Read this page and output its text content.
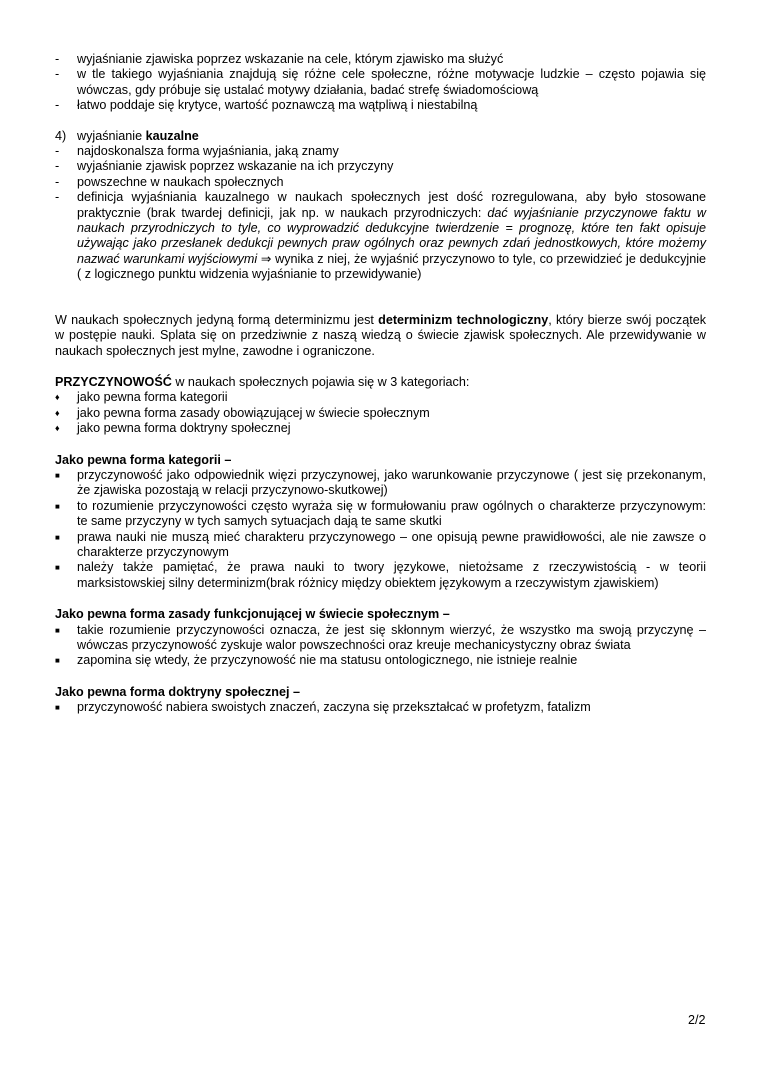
- wyjaśnianie zjawiska poprzez wskazanie na cele, którym zjawisko ma służyć
- w tle takiego wyjaśniania znajdują się różne cele społeczne, różne motywacje ludzkie – często pojawia się wówczas, gdy próbuje się ustalać motywy działania, badać strefę świadomościową
- łatwo poddaje się krytyce, wartość poznawczą ma wątpliwą i niestabilną
4) wyjaśnianie kauzalne
- najdoskonalsza forma wyjaśniania, jaką znamy
- wyjaśnianie zjawisk poprzez wskazanie na ich przyczyny
- powszechne w naukach społecznych
- definicja wyjaśniania kauzalnego w naukach społecznych jest dość rozregulowana, aby było stosowane praktycznie (brak twardej definicji, jak np. w naukach przyrodniczych: dać wyjaśnianie przyczynowe faktu w naukach przyrodniczych to tyle, co wyprowadzić dedukcyjne twierdzenie = prognozę, które ten fakt opisuje używając jako przesłanek dedukcji pewnych praw ogólnych oraz pewnych zdań jednostkowych, które możemy nazwać warunkami wyjściowymi ⇒ wynika z niej, że wyjaśnić przyczynowo to tyle, co przewidzieć je dedukcyjnie ( z logicznego punktu widzenia wyjaśnianie to przewidywanie)

W naukach społecznych jedyną formą determinizmu jest determinizm technologiczny, który bierze swój początek w postępie nauki. Splata się on przedziwnie z naszą wiedzą o świecie zjawisk społecznych. Ale przewidywanie w naukach społecznych jest mylne, zawodne i ograniczone.

PRZYCZYNOWOŚĆ w naukach społecznych pojawia się w 3 kategoriach:

♦ jako pewna forma kategorii
♦ jako pewna forma zasady obowiązującej w świecie społecznym
♦ jako pewna forma doktryny społecznej

Jako pewna forma kategorii –

■ przyczynowość jako odpowiednik więzi przyczynowej, jako warunkowanie przyczynowe ( jest się przekonanym, że zjawiska pozostają w relacji przyczynowo-skutkowej)
■ to rozumienie przyczynowości często wyraża się w formułowaniu praw ogólnych o charakterze przyczynowym: te same przyczyny w tych samych sytuacjach dają te same skutki
■ prawa nauki nie muszą mieć charakteru przyczynowego – one opisują pewne prawidłowości, ale nie zawsze o charakterze przyczynowym
■ należy także pamiętać, że prawa nauki to twory językowe, nietożsame z rzeczywistością - w teorii marksistowskiej silny determinizm(brak różnicy między obiektem językowym a rzeczywistym zjawiskiem)

Jako pewna forma zasady funkcjonującej w świecie społecznym –

■ takie rozumienie przyczynowości oznacza, że jest się skłonnym wierzyć, że wszystko ma swoją przyczynę – wówczas przyczynowość zyskuje walor powszechności oraz kreuje mechanicystyczny obraz świata
■ zapomina się wtedy, że przyczynowość nie ma statusu ontologicznego, nie istnieje realnie

Jako pewna forma doktryny społecznej –

■ przyczynowość nabiera swoistych znaczeń, zaczyna się przekształcać w profetyzm, fatalizm
2/2
